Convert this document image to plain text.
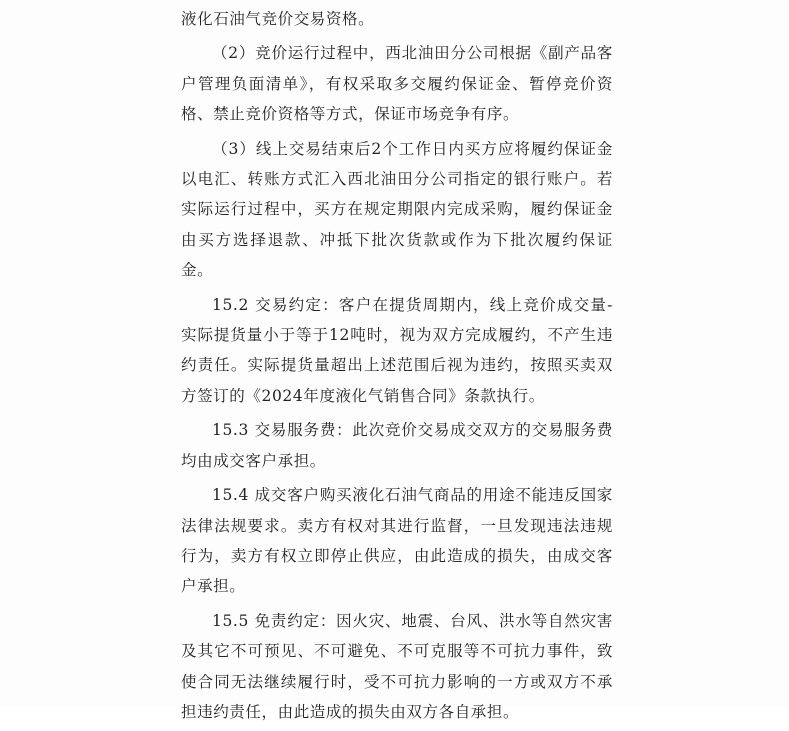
液化石油气竞价交易资格。

（2）竞价运行过程中，西北油田分公司根据《副产品客户管理负面清单》，有权采取多交履约保证金、暂停竞价资格、禁止竞价资格等方式，保证市场竞争有序。

（3）线上交易结束后2个工作日内买方应将履约保证金以电汇、转账方式汇入西北油田分公司指定的银行账户。若实际运行过程中，买方在规定期限内完成采购，履约保证金由买方选择退款、冲抵下批次货款或作为下批次履约保证金。

15.2 交易约定：客户在提货周期内，线上竞价成交量-实际提货量小于等于12吨时，视为双方完成履约，不产生违约责任。实际提货量超出上述范围后视为违约，按照买卖双方签订的《2024年度液化气销售合同》条款执行。

15.3 交易服务费：此次竞价交易成交双方的交易服务费均由成交客户承担。

15.4 成交客户购买液化石油气商品的用途不能违反国家法律法规要求。卖方有权对其进行监督，一旦发现违法违规行为，卖方有权立即停止供应，由此造成的损失，由成交客户承担。

15.5 免责约定：因火灾、地震、台风、洪水等自然灾害及其它不可预见、不可避免、不可克服等不可抗力事件，致使合同无法继续履行时，受不可抗力影响的一方或双方不承担违约责任，由此造成的损失由双方各自承担。
